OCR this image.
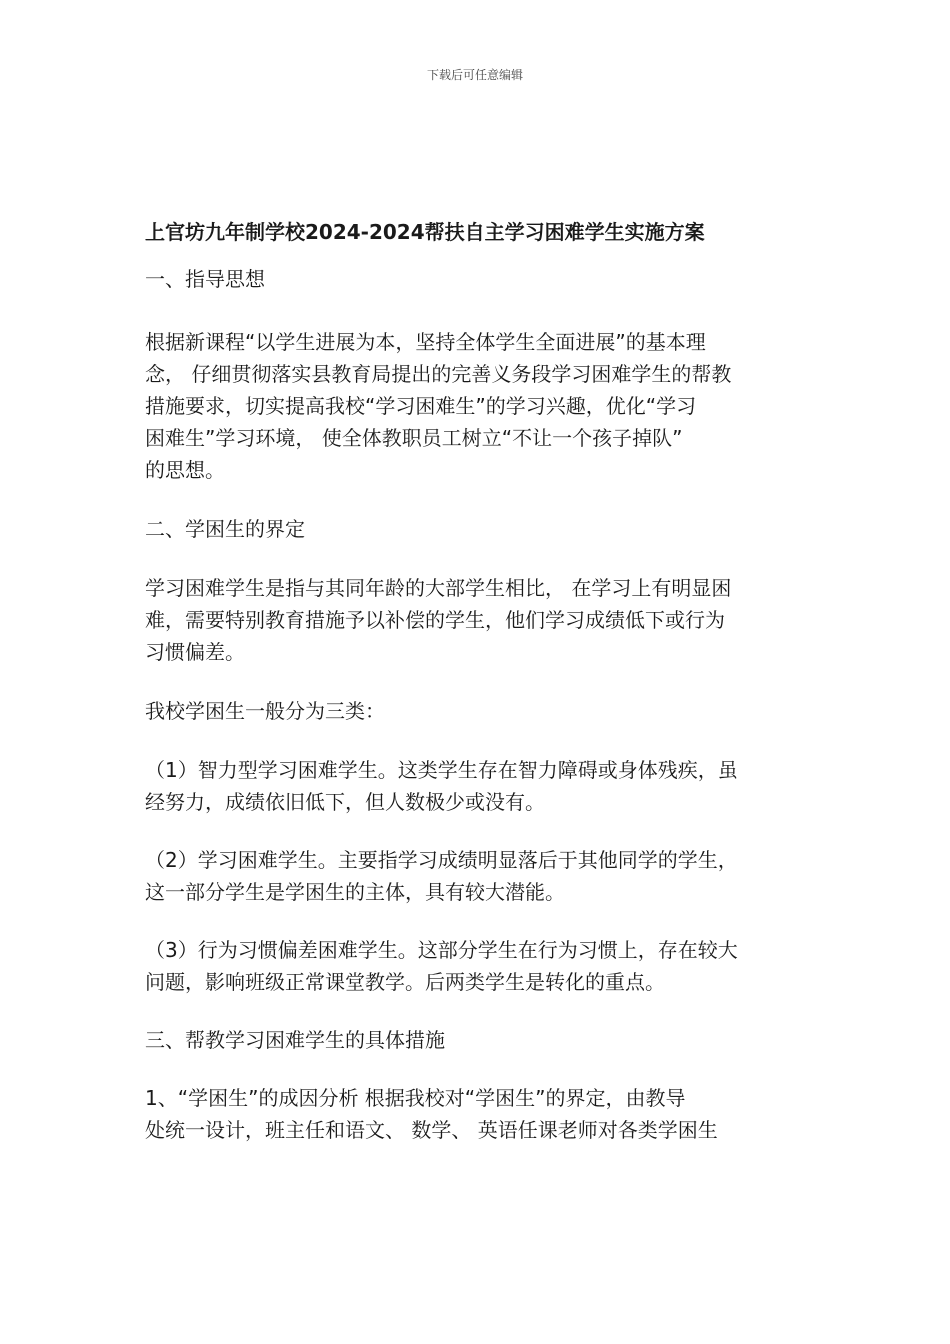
下载后可任意编辑

上官坊九年制学校2024-2024帮扶自主学习困难学生实施方案

一、指导思想

根据新课程“以学生进展为本，坚持全体学生全面进展”的基本理
念， 仔细贯彻落实县教育局提出的完善义务段学习困难学生的帮教
措施要求，切实提高我校“学习困难生”的学习兴趣，优化“学习
困难生”学习环境， 使全体教职员工树立“不让一个孩子掉队”
的思想。

二、学困生的界定

学习困难学生是指与其同年龄的大部学生相比， 在学习上有明显困
难，需要特别教育措施予以补偿的学生，他们学习成绩低下或行为
习惯偏差。
我校学困生一般分为三类：
（1）智力型学习困难学生。这类学生存在智力障碍或身体残疾，虽
经努力，成绩依旧低下，但人数极少或没有。
（2）学习困难学生。主要指学习成绩明显落后于其他同学的学生，
这一部分学生是学困生的主体，具有较大潜能。
（3）行为习惯偏差困难学生。这部分学生在行为习惯上，存在较大
问题，影响班级正常课堂教学。后两类学生是转化的重点。

三、帮教学习困难学生的具体措施

1、“学困生”的成因分析 根据我校对“学困生”的界定，由教导
处统一设计，班主任和语文、 数学、 英语任课老师对各类学困生
